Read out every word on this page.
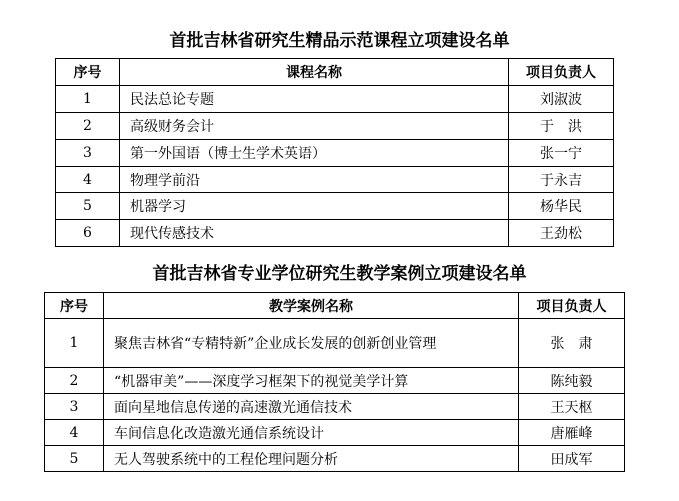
首批吉林省研究生精品示范课程立项建设名单
序号	课程名称	项目负责人
1	民法总论专题	刘淑波
2	高级财务会计	于　洪
3	第一外国语（博士生学术英语）	张一宁
4	物理学前沿	于永吉
5	机器学习	杨华民
6	现代传感技术	王劲松
首批吉林省专业学位研究生教学案例立项建设名单
序号	教学案例名称	项目负责人
1	聚焦吉林省“专精特新”企业成长发展的创新创业管理	张　肃
2	“机器审美”——深度学习框架下的视觉美学计算	陈纯毅
3	面向星地信息传递的高速激光通信技术	王天枢
4	车间信息化改造激光通信系统设计	唐雁峰
5	无人驾驶系统中的工程伦理问题分析	田成军
